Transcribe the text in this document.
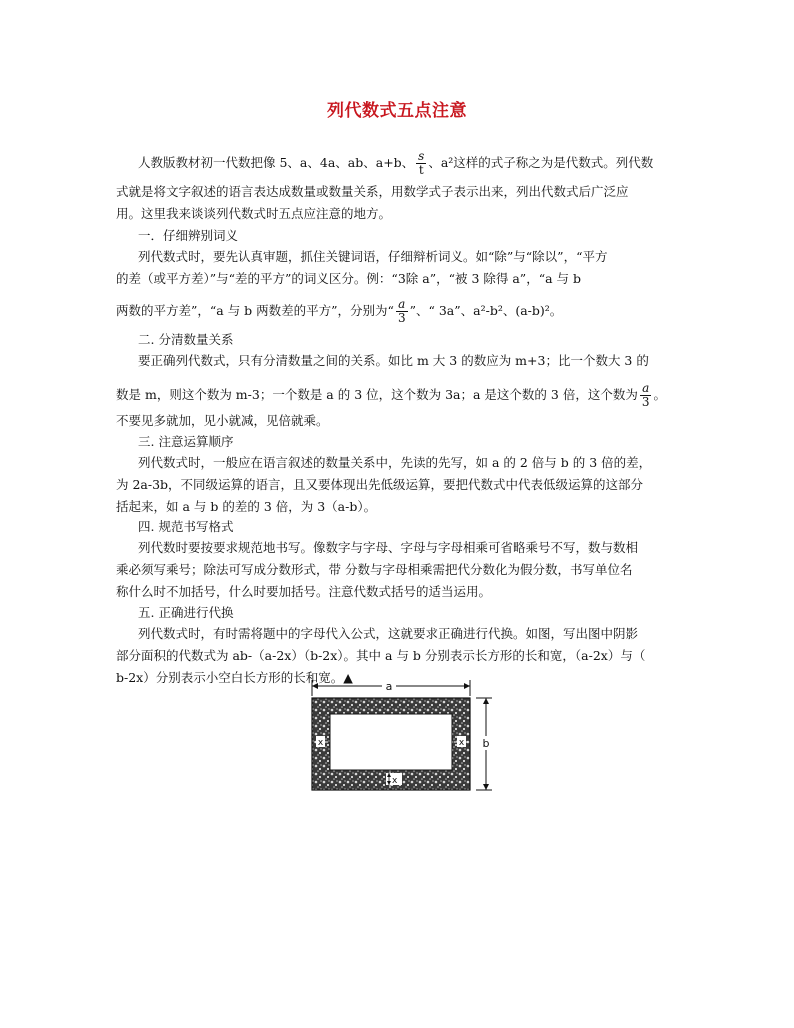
列代数式五点注意
人教版教材初一代数把像 5、a、4a、ab、a+b、 $\frac{s}{t}$ 、a²这样的式子称之为是代数式。列代数
式就是将文字叙述的语言表达成数量或数量关系，用数学式子表示出来，列出代数式后广泛应
用。这里我来谈谈列代数式时五点应注意的地方。
一．仔细辨别词义
列代数式时，要先认真审题，抓住关键词语，仔细辩析词义。如“除”与“除以”，“平方
的差（或平方差）”与“差的平方”的词义区分。例：“3除 a”，“被 3 除得 a”，“a 与 b
两数的平方差”，“a 与 b 两数差的平方”，分别为“ $\frac{a}{3}$ ”、“ 3a”、a²-b²、(a-b)²。
二. 分清数量关系
要正确列代数式，只有分清数量之间的关系。如比 m 大 3 的数应为 m+3；比一个数大 3 的
数是 m，则这个数为 m-3；一个数是 a 的 3 位，这个数为 3a；a 是这个数的 3 倍，这个数为 $\frac{a}{3}$ 。
不要见多就加，见小就减，见倍就乘。
三. 注意运算顺序
列代数式时，一般应在语言叙述的数量关系中，先读的先写，如 a 的 2 倍与 b 的 3 倍的差，
为 2a-3b，不同级运算的语言，且又要体现出先低级运算，要把代数式中代表低级运算的这部分
括起来，如 a 与 b 的差的 3 倍，为 3（a-b）。
四. 规范书写格式
列代数时要按要求规范地书写。像数字与字母、字母与字母相乘可省略乘号不写，数与数相
乘必须写乘号；除法可写成分数形式，带 分数与字母相乘需把代分数化为假分数，书写单位名
称什么时不加括号，什么时要加括号。注意代数式括号的适当运用。
五. 正确进行代换
列代数式时，有时需将题中的字母代入公式，这就要求正确进行代换。如图，写出图中阴影
部分面积的代数式为 ab-（a-2x）（b-2x）。其中 a 与 b 分别表示长方形的长和宽，（a-2x）与（
b-2x）分别表示小空白长方形的长和宽。▲
a
b
x	x
x
